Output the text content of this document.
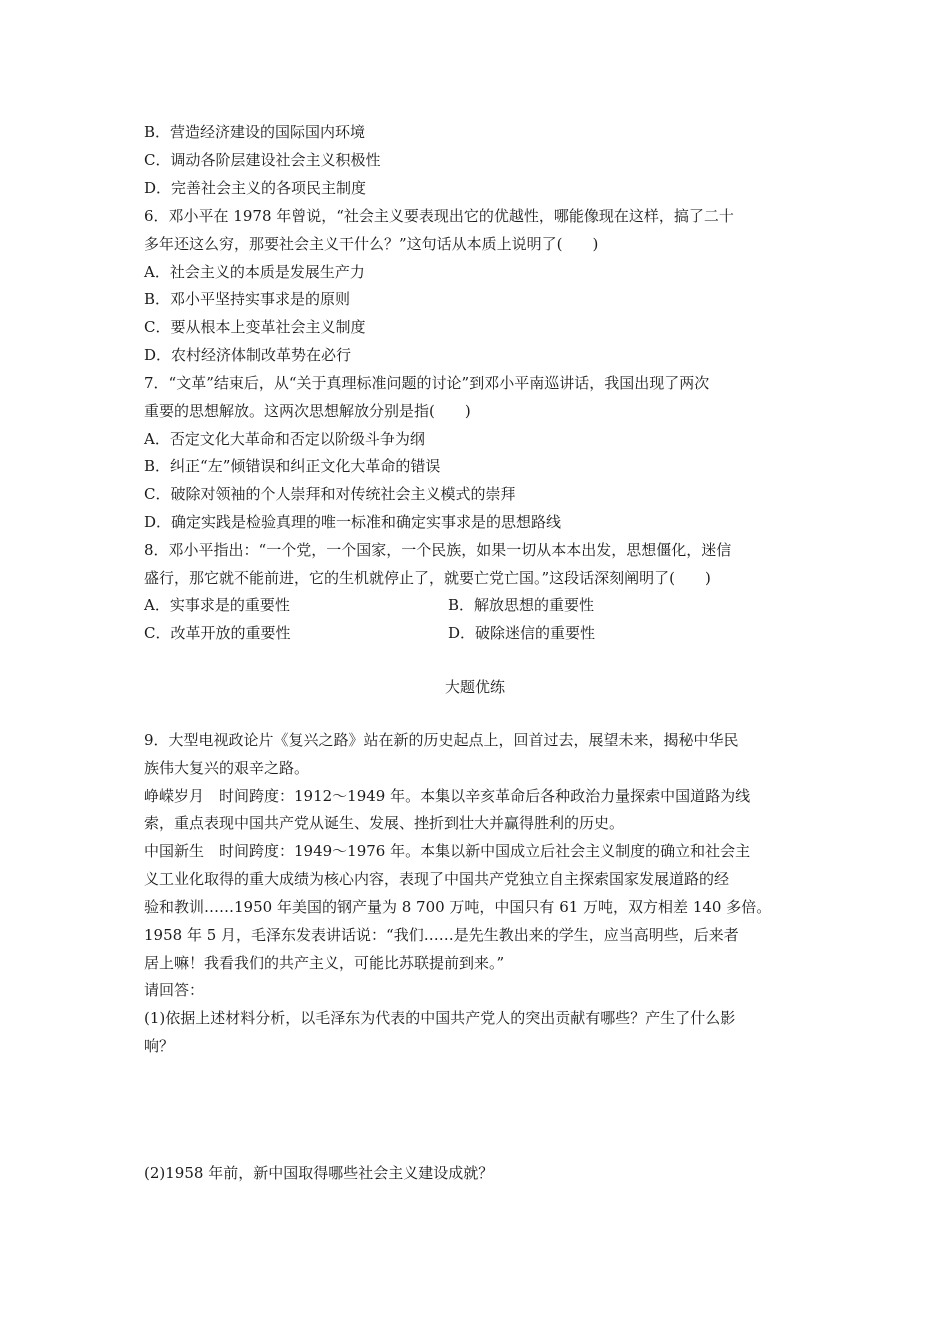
B．营造经济建设的国际国内环境
C．调动各阶层建设社会主义积极性
D．完善社会主义的各项民主制度
6．邓小平在 1978 年曾说，“社会主义要表现出它的优越性，哪能像现在这样，搞了二十
多年还这么穷，那要社会主义干什么？”这句话从本质上说明了(　　)
A．社会主义的本质是发展生产力
B．邓小平坚持实事求是的原则
C．要从根本上变革社会主义制度
D．农村经济体制改革势在必行
7．“文革”结束后，从“关于真理标准问题的讨论”到邓小平南巡讲话，我国出现了两次
重要的思想解放。这两次思想解放分别是指(　　)
A．否定文化大革命和否定以阶级斗争为纲
B．纠正“左”倾错误和纠正文化大革命的错误
C．破除对领袖的个人崇拜和对传统社会主义模式的崇拜
D．确定实践是检验真理的唯一标准和确定实事求是的思想路线
8．邓小平指出：“一个党，一个国家，一个民族，如果一切从本本出发，思想僵化，迷信
盛行，那它就不能前进，它的生机就停止了，就要亡党亡国。”这段话深刻阐明了(　　)
A．实事求是的重要性	B．解放思想的重要性
C．改革开放的重要性	D．破除迷信的重要性
大题优练
9．大型电视政论片《复兴之路》站在新的历史起点上，回首过去，展望未来，揭秘中华民
族伟大复兴的艰辛之路。
峥嵘岁月　时间跨度：1912～1949 年。本集以辛亥革命后各种政治力量探索中国道路为线
索，重点表现中国共产党从诞生、发展、挫折到壮大并赢得胜利的历史。
中国新生　时间跨度：1949～1976 年。本集以新中国成立后社会主义制度的确立和社会主
义工业化取得的重大成绩为核心内容，表现了中国共产党独立自主探索国家发展道路的经
验和教训……1950 年美国的钢产量为 8 700 万吨，中国只有 61 万吨，双方相差 140 多倍。
1958 年 5 月，毛泽东发表讲话说：“我们……是先生教出来的学生，应当高明些，后来者
居上嘛！我看我们的共产主义，可能比苏联提前到来。”
请回答：
(1)依据上述材料分析，以毛泽东为代表的中国共产党人的突出贡献有哪些？产生了什么影
响？
(2)1958 年前，新中国取得哪些社会主义建设成就？
